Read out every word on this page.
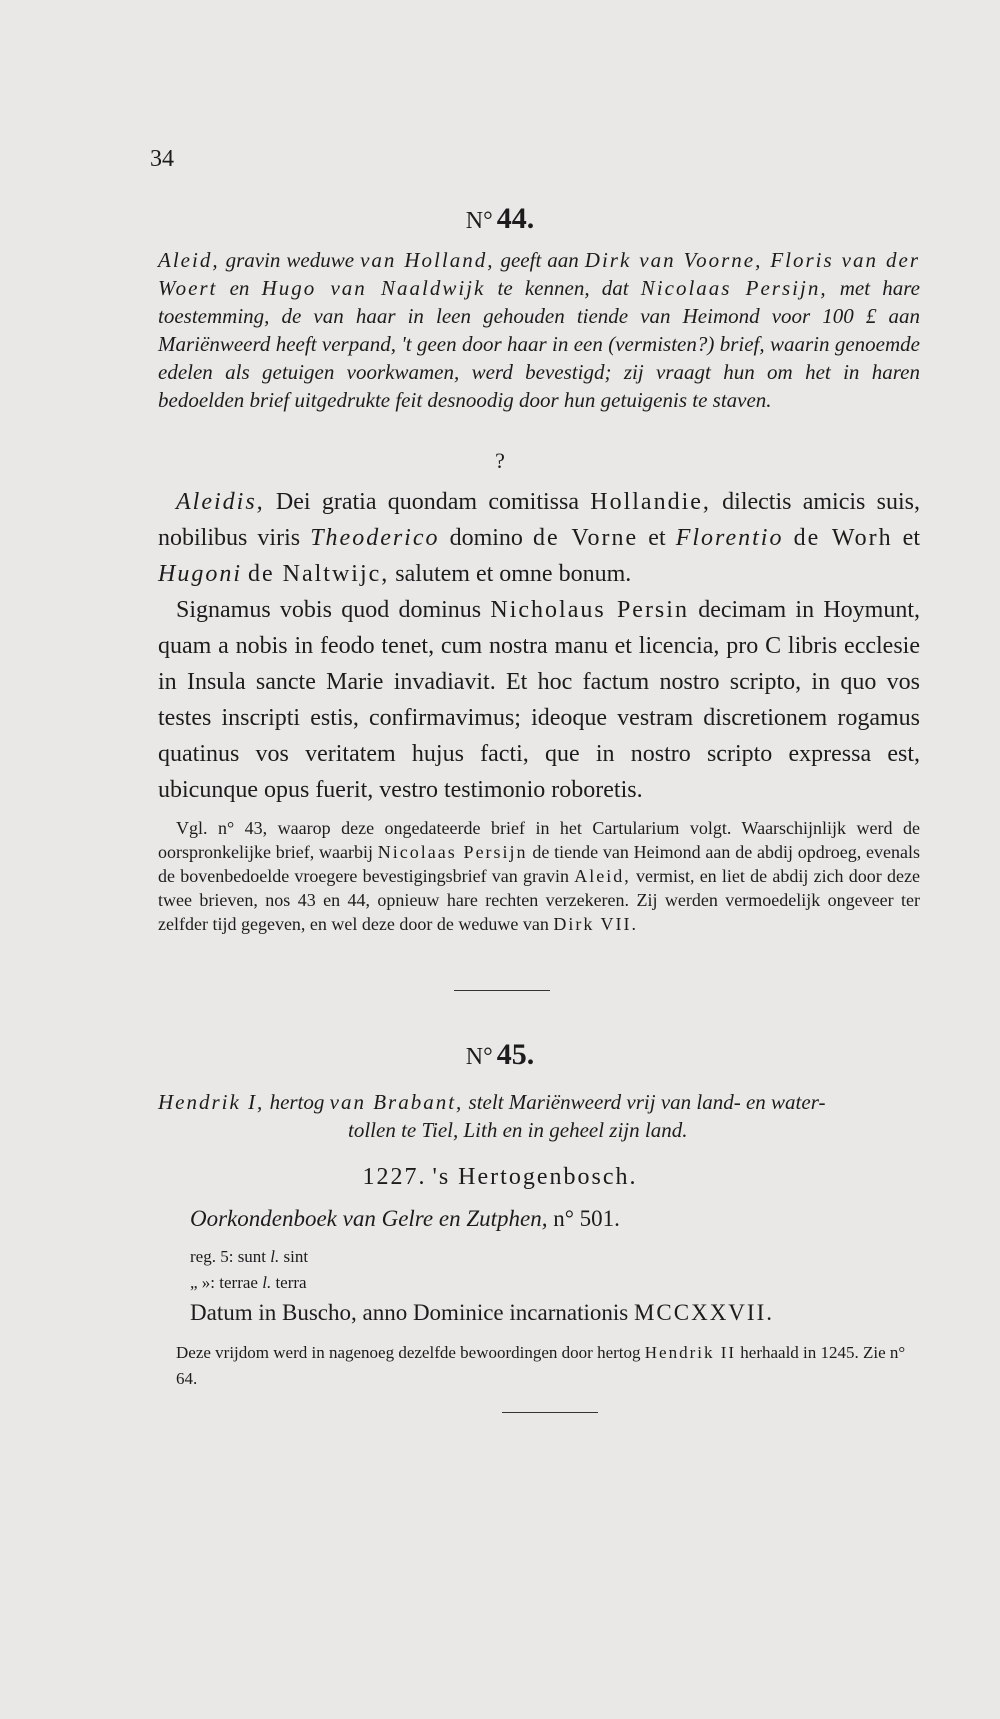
34
N° 44.
Aleid, gravin weduwe van Holland, geeft aan Dirk van Voorne, Floris van der Woert en Hugo van Naaldwijk te kennen, dat Nicolaas Persijn, met hare toestemming, de van haar in leen gehouden tiende van Heimond voor 100 £ aan Mariënweerd heeft verpand, 't geen door haar in een (vermisten?) brief, waarin genoemde edelen als getuigen voorkwamen, werd bevestigd; zij vraagt hun om het in haren bedoelden brief uitgedrukte feit desnoodig door hun getuigenis te staven.
?
Aleidis, Dei gratia quondam comitissa Hollandie, dilectis amicis suis, nobilibus viris Theoderico domino de Vorne et Florentio de Worh et Hugoni de Naltwijc, salutem et omne bonum.
Signamus vobis quod dominus Nicholaus Persin decimam in Hoymunt, quam a nobis in feodo tenet, cum nostra manu et licencia, pro C libris ecclesie in Insula sancte Marie invadiavit. Et hoc factum nostro scripto, in quo vos testes inscripti estis, confirmavimus; ideoque vestram discretionem rogamus quatinus vos veritatem hujus facti, que in nostro scripto expressa est, ubicunque opus fuerit, vestro testimonio roboretis.
Vgl. n° 43, waarop deze ongedateerde brief in het Cartularium volgt. Waarschijnlijk werd de oorspronkelijke brief, waarbij Nicolaas Persijn de tiende van Heimond aan de abdij opdroeg, evenals de bovenbedoelde vroegere bevestigingsbrief van gravin Aleid, vermist, en liet de abdij zich door deze twee brieven, nos 43 en 44, opnieuw hare rechten verzekeren. Zij werden vermoedelijk ongeveer ter zelfder tijd gegeven, en wel deze door de weduwe van Dirk VII.
N° 45.
Hendrik I, hertog van Brabant, stelt Mariënweerd vrij van land- en water-
tollen te Tiel, Lith en in geheel zijn land.
1227. 's Hertogenbosch.
Oorkondenboek van Gelre en Zutphen, n° 501.
reg. 5: sunt l. sint
„ »: terrae l. terra
Datum in Buscho, anno Dominice incarnationis MCCXXVII.
Deze vrijdom werd in nagenoeg dezelfde bewoordingen door hertog Hendrik II herhaald in 1245. Zie n° 64.
